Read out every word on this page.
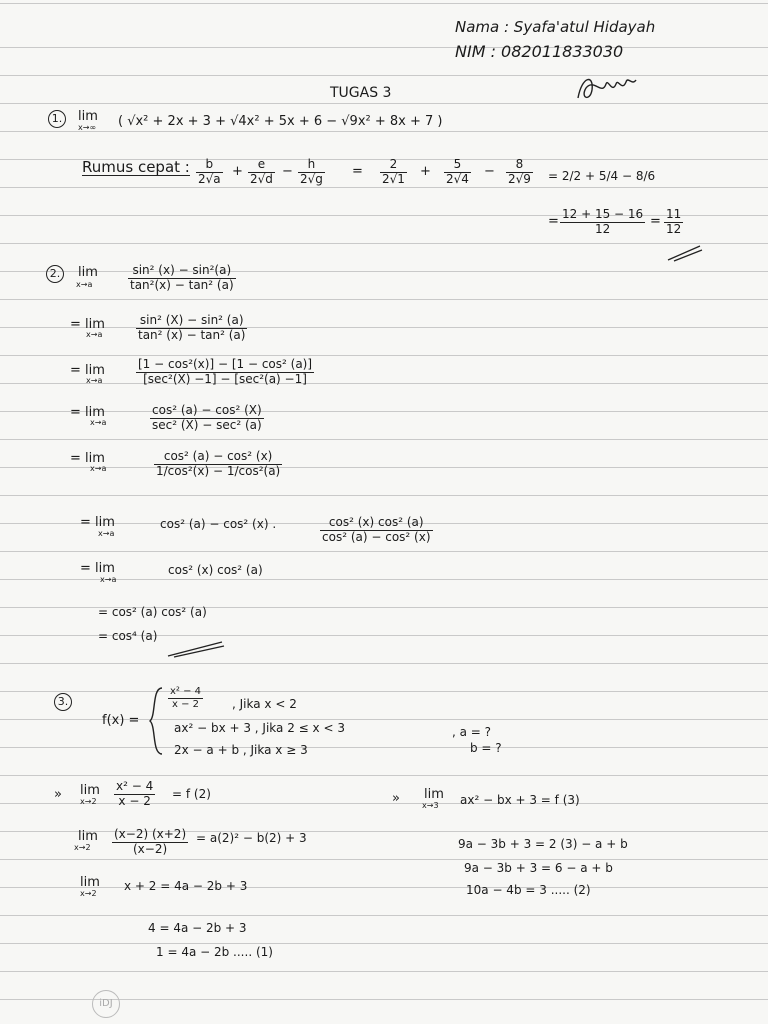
Nama : Syafa'atul Hidayah
NIM : 082011833030
TUGAS 3
1. lim
x→∞ ( √x² + 2x + 3 + √4x² + 5x + 6 − √9x² + 8x + 7 )
Rumus cepat : $\frac{b}{2√a} + \frac{e}{2√d} - \frac{h}{2√g} = \frac{2}{2√1} + \frac{5}{2√4} - \frac{8}{2√9} = 2/2 + 5/4 - 8/6$
= $\frac{12 + 15 - 16}{12} = \frac{11}{12}$
2. lim
x→a	$\frac{\text{sin² (x) − sin²(a)}}{\text{tan²(x) − tan² (a)}}$
= lim
x→a	$\frac{\text{sin² (X) − sin² (a)}}{\text{tan² (x) − tan² (a)}}$
= lim
x→a
[1 − cos²(x)] − [1 − cos² (a)]
[sec²(X) −1] − [sec²(a) −1]
= lim
x→a
cos² (a) − cos² (X)
sec² (X) − sec² (a)
= lim
x→a	$\frac{\text{cos² (a) − cos² (x)}}{\text{1/cos²(x) − 1/cos²(a)}}$
= lim
x→a
cos² (a) − cos² (x) .	$\frac{\text{cos² (x) cos² (a)}}{\text{cos² (a) − cos² (x)}}$
= lim
x→a
cos² (x) cos² (a)
= cos² (a) cos² (a)
= cos⁴ (a)
3.
f(x) =
$\frac{\text{x² − 4}}{x - 2}$ , Jika x < 2
ax² − bx + 3 , Jika 2 ≤ x < 3
2x − a + b , Jika x ≥ 3
, a = ?
b = ?
» lim
$x\to 2 \frac{\text{x² − 4}}{x - 2} = f$ (2)	» lim
x→3 ax² − bx + 3 = f (3)
lim
$x\to 2 \frac{(x-2) (x+2)}{(x-2)} = a(2)^2 - b(2) + 3$
lim
x→2
x + 2 = 4a − 2b + 3
9a − 3b + 3 = 2 (3) − a + b
9a − 3b + 3 = 6 − a + b
10a − 4b = 3 ..... (2)
4 = 4a − 2b + 3
1 = 4a − 2b ..... (1)
iDJ
